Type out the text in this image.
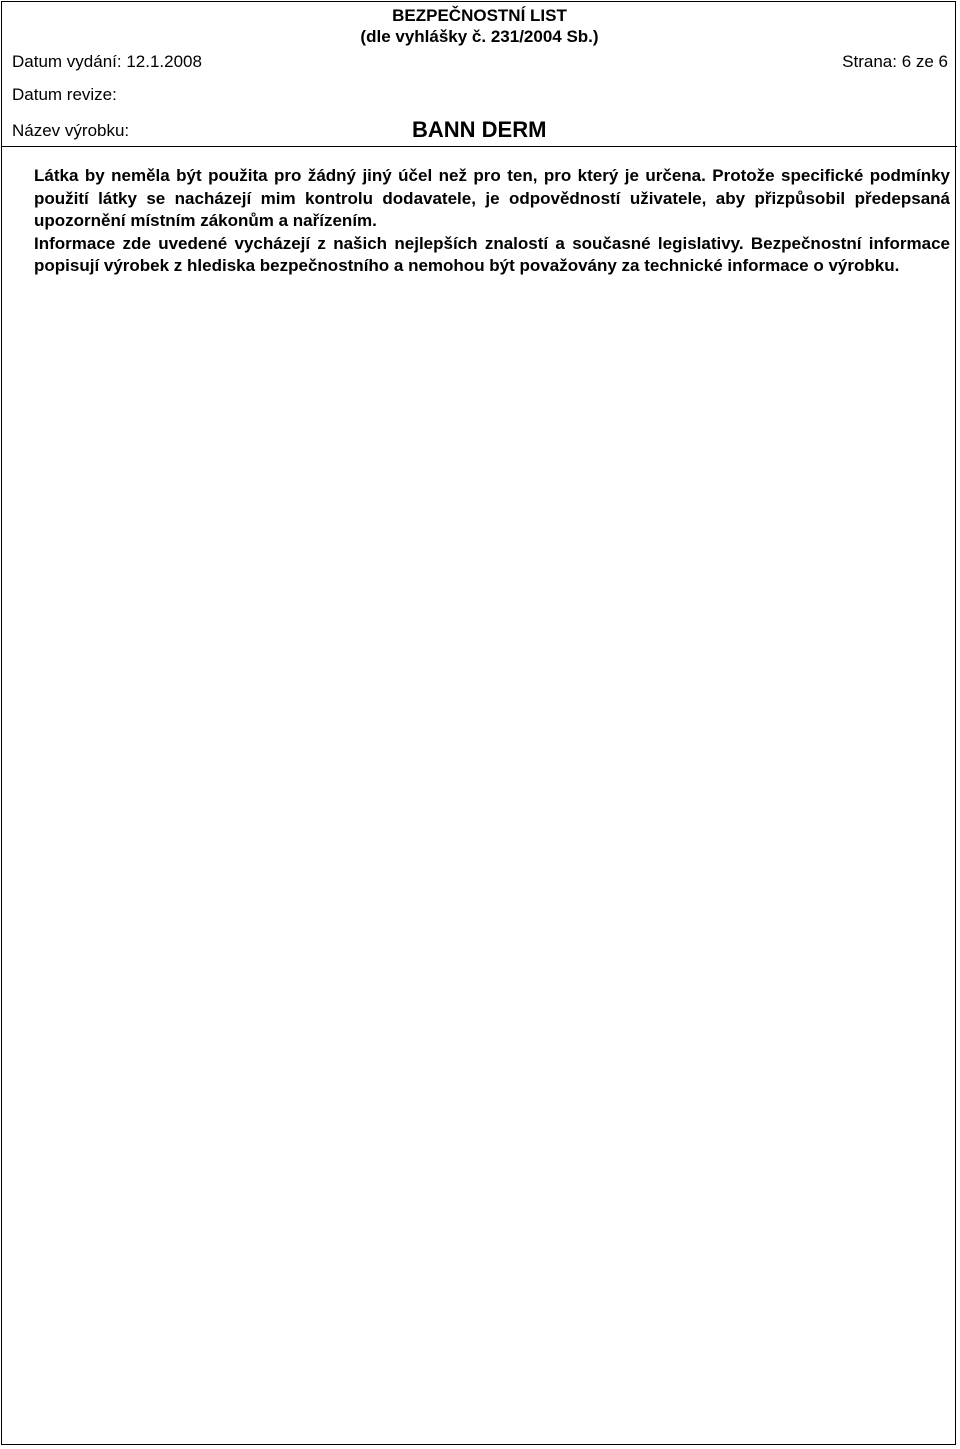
BEZPEČNOSTNÍ LIST
(dle vyhlášky č. 231/2004 Sb.)
Datum vydání: 12.1.2008	Strana: 6 ze 6
Datum revize:
Název výrobku:	BANN DERM

Látka by neměla být použita pro žádný jiný účel než pro ten, pro který je určena. Protože specifické podmínky použití látky se nacházejí mim kontrolu dodavatele, je odpovědností uživatele, aby přizpůsobil předepsaná upozornění místním zákonům a nařízením.

Informace zde uvedené vycházejí z našich nejlepších znalostí a současné legislativy. Bezpečnostní informace popisují výrobek z hlediska bezpečnostního a nemohou být považovány za technické informace o výrobku.
